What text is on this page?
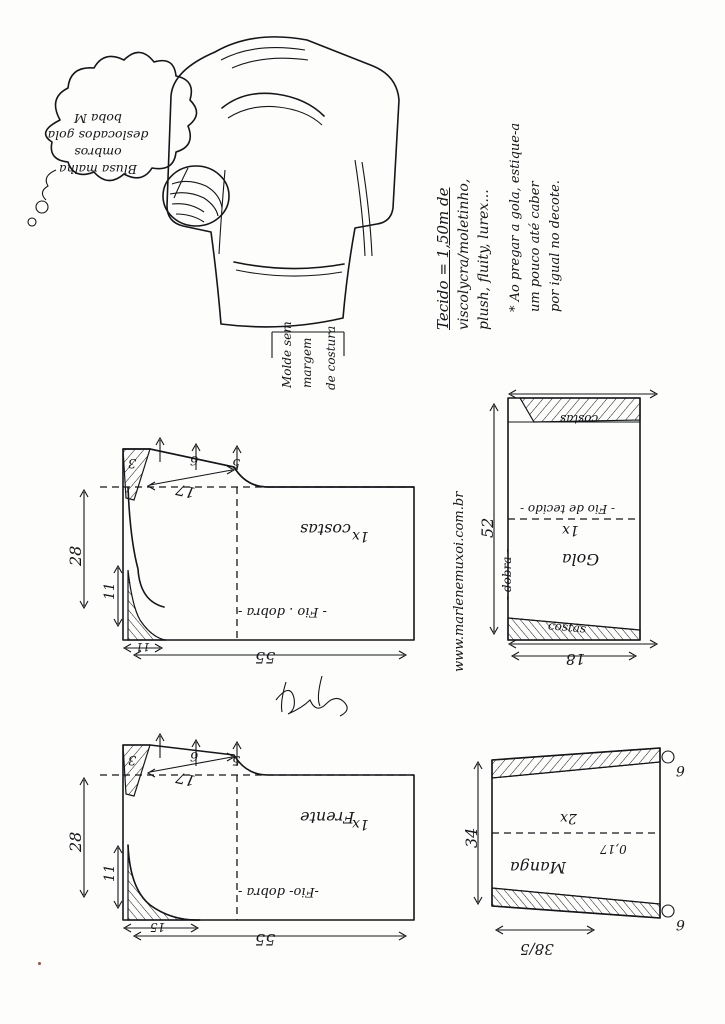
Blusa malha ombros
deslocados gola boba M
Tecido = 1,50m de viscolycra/moletinho, plush, fluity, lurex... * Ao pregar a gola, estique-a um pouco até caber por igual no decote.
Molde sem margem de costura
www.marlenemuxoi.com.br
costas 1x
- Fio . dobra -
28
55
3	6	5
17
11
11
Frente
1x
-Fio- dobra -
28
55
3	6	5
17
11
15
Gola
1x
- Fio de tecido -
- dobra -
costas
costas
52
18
Manga
2x
34
6
6
0,17
38/5
